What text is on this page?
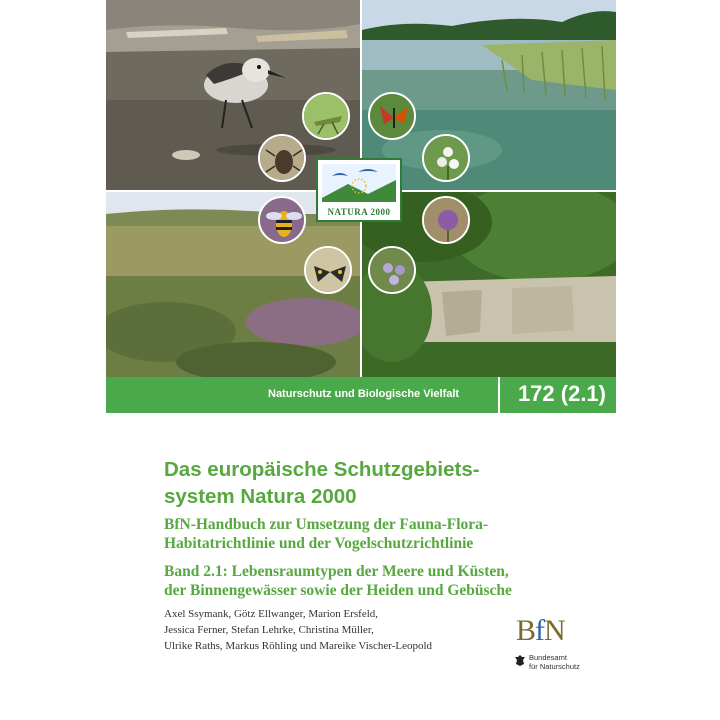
NATURA 2000
Naturschutz und Biologische Vielfalt	172 (2.1)
Das europäische Schutzgebiets-
system Natura 2000
BfN-Handbuch zur Umsetzung der Fauna-Flora-
Habitatrichtlinie und der Vogelschutzrichtlinie
Band 2.1: Lebensraumtypen der Meere und Küsten,
der Binnengewässer sowie der Heiden und Gebüsche
Axel Ssymank, Götz Ellwanger, Marion Ersfeld,
Jessica Ferner, Stefan Lehrke, Christina Müller,
Ulrike Raths, Markus Röhling und Mareike Vischer-Leopold	BfN
Bundesamt
für Naturschutz
